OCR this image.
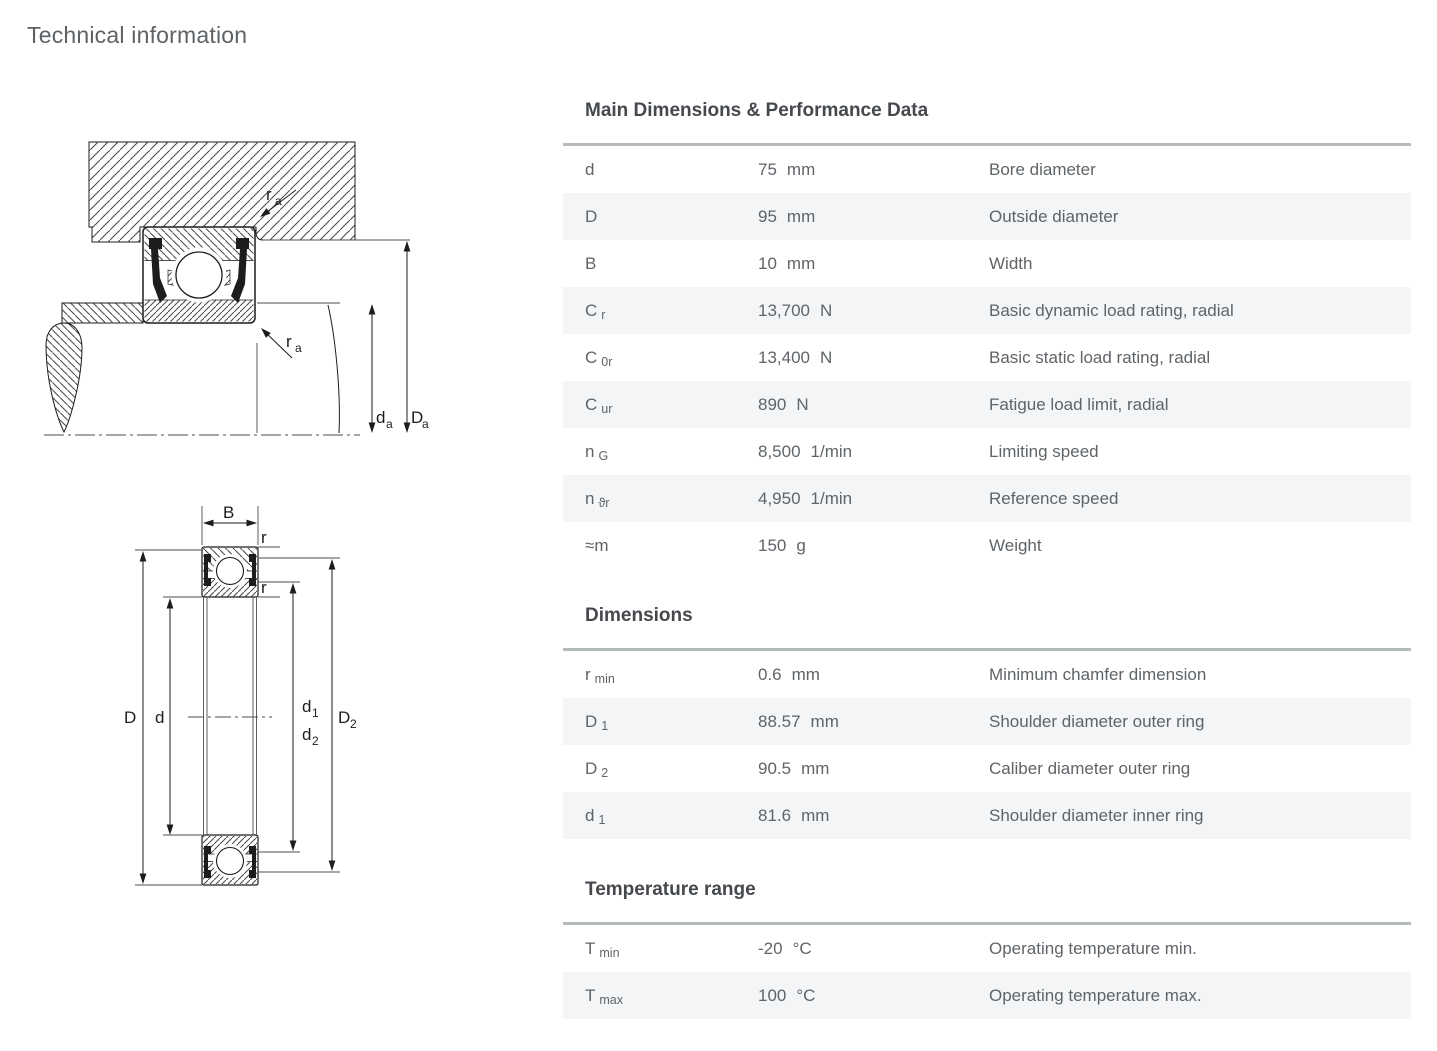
Technical information
d a D
a
r a
r a
B
r
r
D d
d 1
d 2
D 2
Main Dimensions & Performance Data
d	75 mm	Bore diameter
D	95 mm	Outside diameter
B	10 mm	Width
C r	13,700 N	Basic dynamic load rating, radial
C 0r	13,400 N	Basic static load rating, radial
C ur	890 N	Fatigue load limit, radial
n G	8,500 1/min	Limiting speed
n ϑr	4,950 1/min	Reference speed
≈m	150 g	Weight
Dimensions
r min	0.6 mm	Minimum chamfer dimension
D 1	88.57 mm	Shoulder diameter outer ring
D 2	90.5 mm	Caliber diameter outer ring
d 1	81.6 mm	Shoulder diameter inner ring
Temperature range
T min	-20 °C	Operating temperature min.
T max	100 °C	Operating temperature max.
